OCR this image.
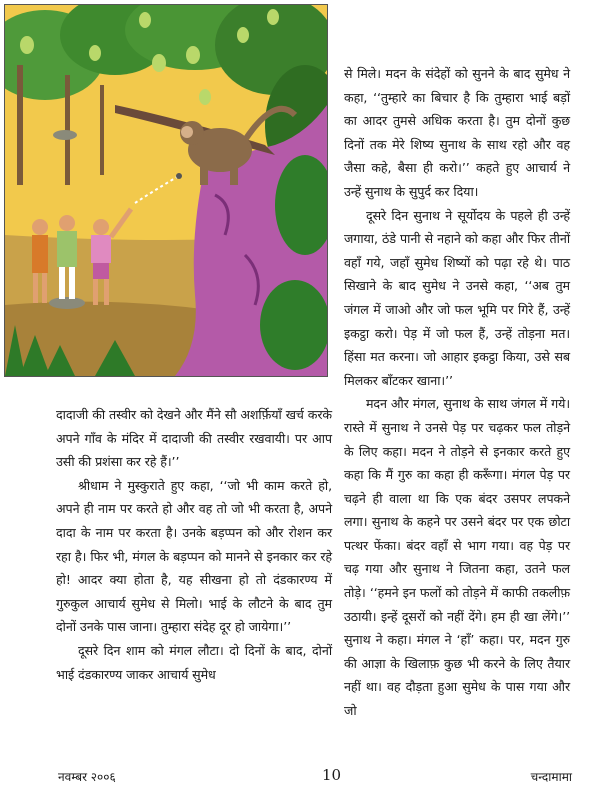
से मिले। मदन के संदेहों को सुनने के बाद सुमेध ने कहा, ‘‘तुम्हारे का बिचार है कि तुम्हारा भाई बड़ों का आदर तुमसे अधिक करता है। तुम दोनों कुछ दिनों तक मेरे शिष्य सुनाथ के साथ रहो और वह जैसा कहे, बैसा ही करो।’’ कहते हुए आचार्य ने उन्हें सुनाथ के सुपुर्द कर दिया।

दूसरे दिन सुनाथ ने सूर्योदय के पहले ही उन्हें जगाया, ठंडे पानी से नहाने को कहा और फिर तीनों वहाँ गये, जहाँ सुमेध शिष्यों को पढ़ा रहे थे। पाठ सिखाने के बाद सुमेध ने उनसे कहा, ‘‘अब तुम जंगल में जाओ और जो फल भूमि पर गिरे हैं, उन्हें इकट्ठा करो। पेड़ में जो फल हैं, उन्हें तोड़ना मत। हिंसा मत करना। जो आहार इकट्ठा किया, उसे सब मिलकर बाँटकर खाना।’’

मदन और मंगल, सुनाथ के साथ जंगल में गये। रास्ते में सुनाथ ने उनसे पेड़ पर चढ़कर फल तोड़ने के लिए कहा। मदन ने तोड़ने से इनकार करते हुए कहा कि मैं गुरु का कहा ही करूँगा। मंगल पेड़ पर चढ़ने ही वाला था कि एक बंदर उसपर लपकने लगा। सुनाथ के कहने पर उसने बंदर पर एक छोटा पत्थर फेंका। बंदर वहाँ से भाग गया। वह पेड़ पर चढ़ गया और सुनाथ ने जितना कहा, उतने फल तोड़े। ‘‘हमने इन फलों को तोड़ने में काफी तकलीफ़ उठायी। इन्हें दूसरों को नहीं देंगे। हम ही खा लेंगे।’’ सुनाथ ने कहा। मंगल ने ‘हाँ’ कहा। पर, मदन गुरु की आज्ञा के खिलाफ़ कुछ भी करने के लिए तैयार नहीं था। वह दौड़ता हुआ सुमेध के पास गया और जो

दादाजी की तस्वीर को देखने और मैंने सौ अशर्फ़ियाँ खर्च करके अपने गाँव के मंदिर में दादाजी की तस्वीर रखवायी। पर आप उसी की प्रशंसा कर रहे हैं।’’

श्रीधाम ने मुस्कुराते हुए कहा, ‘‘जो भी काम करते हो, अपने ही नाम पर करते हो और वह तो जो भी करता है, अपने दादा के नाम पर करता है। उनके बड़प्पन को और रोशन कर रहा है। फिर भी, मंगल के बड़प्पन को मानने से इनकार कर रहे हो! आदर क्या होता है, यह सीखना हो तो दंडकारण्य में गुरुकुल आचार्य सुमेध से मिलो। भाई के लौटने के बाद तुम दोनों उनके पास जाना। तुम्हारा संदेह दूर हो जायेगा।’’

दूसरे दिन शाम को मंगल लौटा। दो दिनों के बाद, दोनों भाई दंडकारण्य जाकर आचार्य सुमेध

नवम्बर २००६	10	चन्दामामा
